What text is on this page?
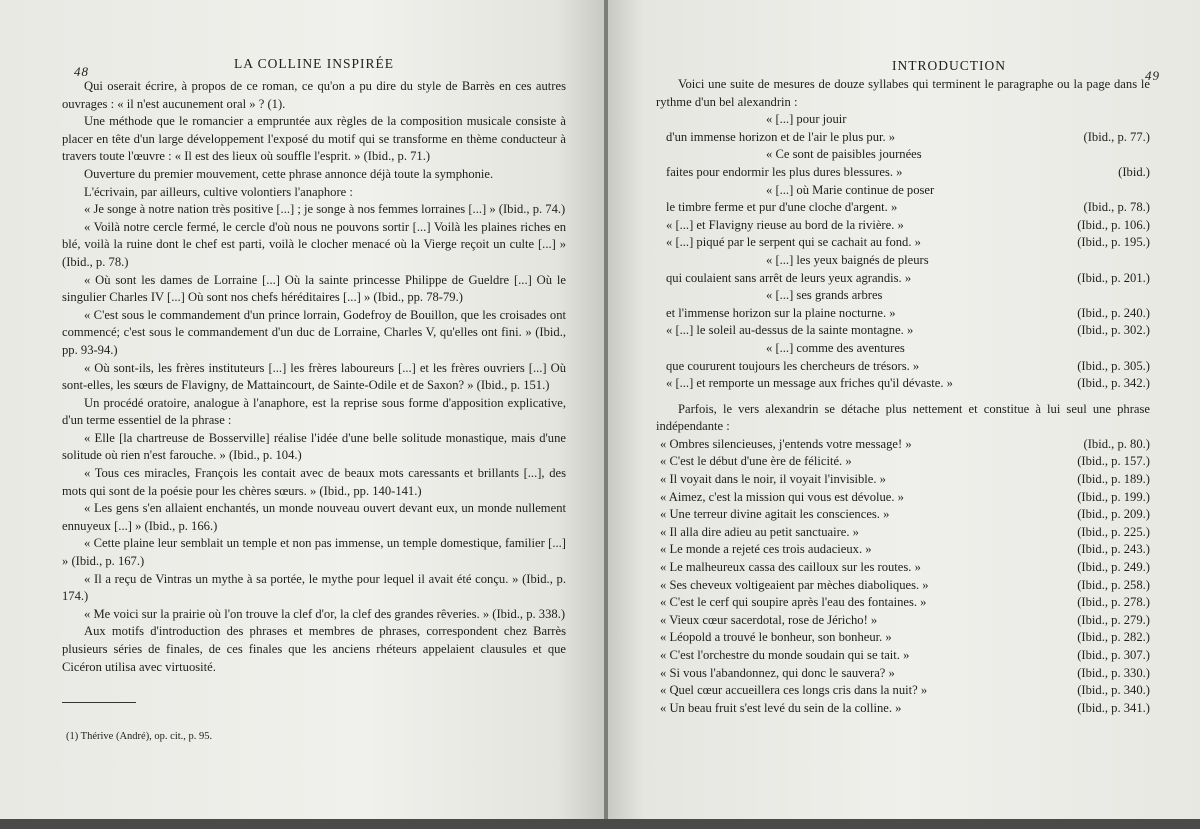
48
LA COLLINE INSPIRÉE

Qui oserait écrire, à propos de ce roman, ce qu'on a pu dire du style de Barrès en ces autres ouvrages : « il n'est aucunement oral » ? (1).

Une méthode que le romancier a empruntée aux règles de la composition musicale consiste à placer en tête d'un large développement l'exposé du motif qui se transforme en thème conducteur à travers toute l'œuvre : « Il est des lieux où souffle l'esprit. » (Ibid., p. 71.)

Ouverture du premier mouvement, cette phrase annonce déjà toute la symphonie.

L'écrivain, par ailleurs, cultive volontiers l'anaphore :

« Je songe à notre nation très positive [...] ; je songe à nos femmes lorraines [...] » (Ibid., p. 74.)

« Voilà notre cercle fermé, le cercle d'où nous ne pouvons sortir [...] Voilà les plaines riches en blé, voilà la ruine dont le chef est parti, voilà le clocher menacé où la Vierge reçoit un culte [...] » (Ibid., p. 78.)

« Où sont les dames de Lorraine [...] Où la sainte princesse Philippe de Gueldre [...] Où le singulier Charles IV [...] Où sont nos chefs héréditaires [...] » (Ibid., pp. 78-79.)

« C'est sous le commandement d'un prince lorrain, Godefroy de Bouillon, que les croisades ont commencé; c'est sous le commandement d'un duc de Lorraine, Charles V, qu'elles ont fini. » (Ibid., pp. 93-94.)

« Où sont-ils, les frères instituteurs [...] les frères laboureurs [...] et les frères ouvriers [...] Où sont-elles, les sœurs de Flavigny, de Mattaincourt, de Sainte-Odile et de Saxon? » (Ibid., p. 151.)

Un procédé oratoire, analogue à l'anaphore, est la reprise sous forme d'apposition explicative, d'un terme essentiel de la phrase :

« Elle [la chartreuse de Bosserville] réalise l'idée d'une belle solitude monastique, mais d'une solitude où rien n'est farouche. » (Ibid., p. 104.)

« Tous ces miracles, François les contait avec de beaux mots caressants et brillants [...], des mots qui sont de la poésie pour les chères sœurs. » (Ibid., pp. 140-141.)

« Les gens s'en allaient enchantés, un monde nouveau ouvert devant eux, un monde nullement ennuyeux [...] » (Ibid., p. 166.)

« Cette plaine leur semblait un temple et non pas immense, un temple domestique, familier [...] » (Ibid., p. 167.)

« Il a reçu de Vintras un mythe à sa portée, le mythe pour lequel il avait été conçu. » (Ibid., p. 174.)

« Me voici sur la prairie où l'on trouve la clef d'or, la clef des grandes rêveries. » (Ibid., p. 338.)

Aux motifs d'introduction des phrases et membres de phrases, correspondent chez Barrès plusieurs séries de finales, de ces finales que les anciens rhéteurs appelaient clausules et que Cicéron utilisa avec virtuosité.

(1) Thérive (André), op. cit., p. 95.
INTRODUCTION
49

Voici une suite de mesures de douze syllabes qui terminent le paragraphe ou la page dans le rythme d'un bel alexandrin :

« [...] pour jouir
d'un immense horizon et de l'air le plus pur. »	(Ibid., p. 77.)
« Ce sont de paisibles journées
faites pour endormir les plus dures blessures. »	(Ibid.)
« [...] où Marie continue de poser
le timbre ferme et pur d'une cloche d'argent. »	(Ibid., p. 78.)
« [...] et Flavigny rieuse au bord de la rivière. »	(Ibid., p. 106.)
« [...] piqué par le serpent qui se cachait au fond. »	(Ibid., p. 195.)
« [...] les yeux baignés de pleurs
qui coulaient sans arrêt de leurs yeux agrandis. »	(Ibid., p. 201.)
« [...] ses grands arbres
et l'immense horizon sur la plaine nocturne. »	(Ibid., p. 240.)
« [...] le soleil au-dessus de la sainte montagne. »	(Ibid., p. 302.)
« [...] comme des aventures
que coururent toujours les chercheurs de trésors. »	(Ibid., p. 305.)
« [...] et remporte un message aux friches qu'il dévaste. »	(Ibid., p. 342.)

Parfois, le vers alexandrin se détache plus nettement et constitue à lui seul une phrase indépendante :

« Ombres silencieuses, j'entends votre message! »	(Ibid., p. 80.)
« C'est le début d'une ère de félicité. »	(Ibid., p. 157.)
« Il voyait dans le noir, il voyait l'invisible. »	(Ibid., p. 189.)
« Aimez, c'est la mission qui vous est dévolue. »	(Ibid., p. 199.)
« Une terreur divine agitait les consciences. »	(Ibid., p. 209.)
« Il alla dire adieu au petit sanctuaire. »	(Ibid., p. 225.)
« Le monde a rejeté ces trois audacieux. »	(Ibid., p. 243.)
« Le malheureux cassa des cailloux sur les routes. »	(Ibid., p. 249.)
« Ses cheveux voltigeaient par mèches diaboliques. »	(Ibid., p. 258.)
« C'est le cerf qui soupire après l'eau des fontaines. »	(Ibid., p. 278.)
« Vieux cœur sacerdotal, rose de Jéricho! »	(Ibid., p. 279.)
« Léopold a trouvé le bonheur, son bonheur. »	(Ibid., p. 282.)
« C'est l'orchestre du monde soudain qui se tait. »	(Ibid., p. 307.)
« Si vous l'abandonnez, qui donc le sauvera? »	(Ibid., p. 330.)
« Quel cœur accueillera ces longs cris dans la nuit? »	(Ibid., p. 340.)
« Un beau fruit s'est levé du sein de la colline. »	(Ibid., p. 341.)
